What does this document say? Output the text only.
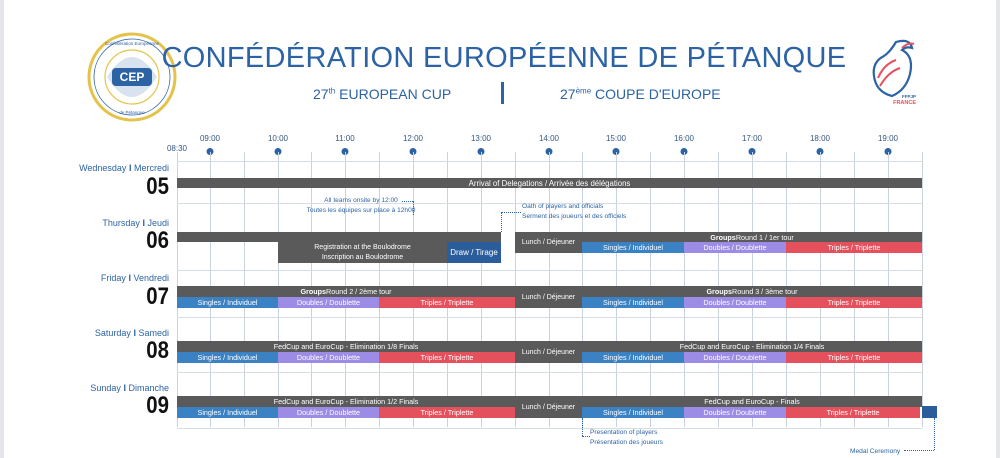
CEP
Confédération Européenne
de Pétanque
FFPJP
FRANCE
CONFÉDÉRATION EUROPÉENNE DE PÉTANQUE
27th EUROPEAN CUP	27ème COUPE D'EUROPE
08:30
09:00	10:00	11:00	12:00	13:00	14:00	15:00	16:00	17:00	18:00	19:00
Wednesday I Mercredi
05
Thursday I Jeudi
06
Friday I Vendredi
07
Saturday I Samedi
08
Sunday I Dimanche
09
Arrival of Delegations / Arrivée des délégations
All teams onsite by 12:00
Toutes les équipes sur place à 12h00
Oath of players and officials
Serment des joueurs et des officiels
Registration at the Boulodrome
Inscription au Boulodrome	Draw / Tirage
Lunch / Déjeuner
Groups Round 1 / 1er tour
Singles / Individuel	Doubles / Doublette	Triples / Triplette
Groups Round 2 / 2ème tour
Singles / Individuel	Doubles / Doublette	Triples / Triplette
Lunch / Déjeuner
Groups Round 3 / 3ème tour
Singles / Individuel	Doubles / Doublette	Triples / Triplette
FedCup and EuroCup - Elimination 1/8 Finals
Singles / Individuel	Doubles / Doublette	Triples / Triplette
Lunch / Déjeuner
FedCup and EuroCup - Elimination 1/4 Finals
Singles / Individuel	Doubles / Doublette	Triples / Triplette
FedCup and EuroCup - Elimination 1/2 Finals
Singles / Individuel	Doubles / Doublette	Triples / Triplette
Lunch / Déjeuner
FedCup and EuroCup - Finals
Singles / Individuel	Doubles / Doublette	Triples / Triplette
Presentation of players
Présentation des joueurs
Medal Ceremony
